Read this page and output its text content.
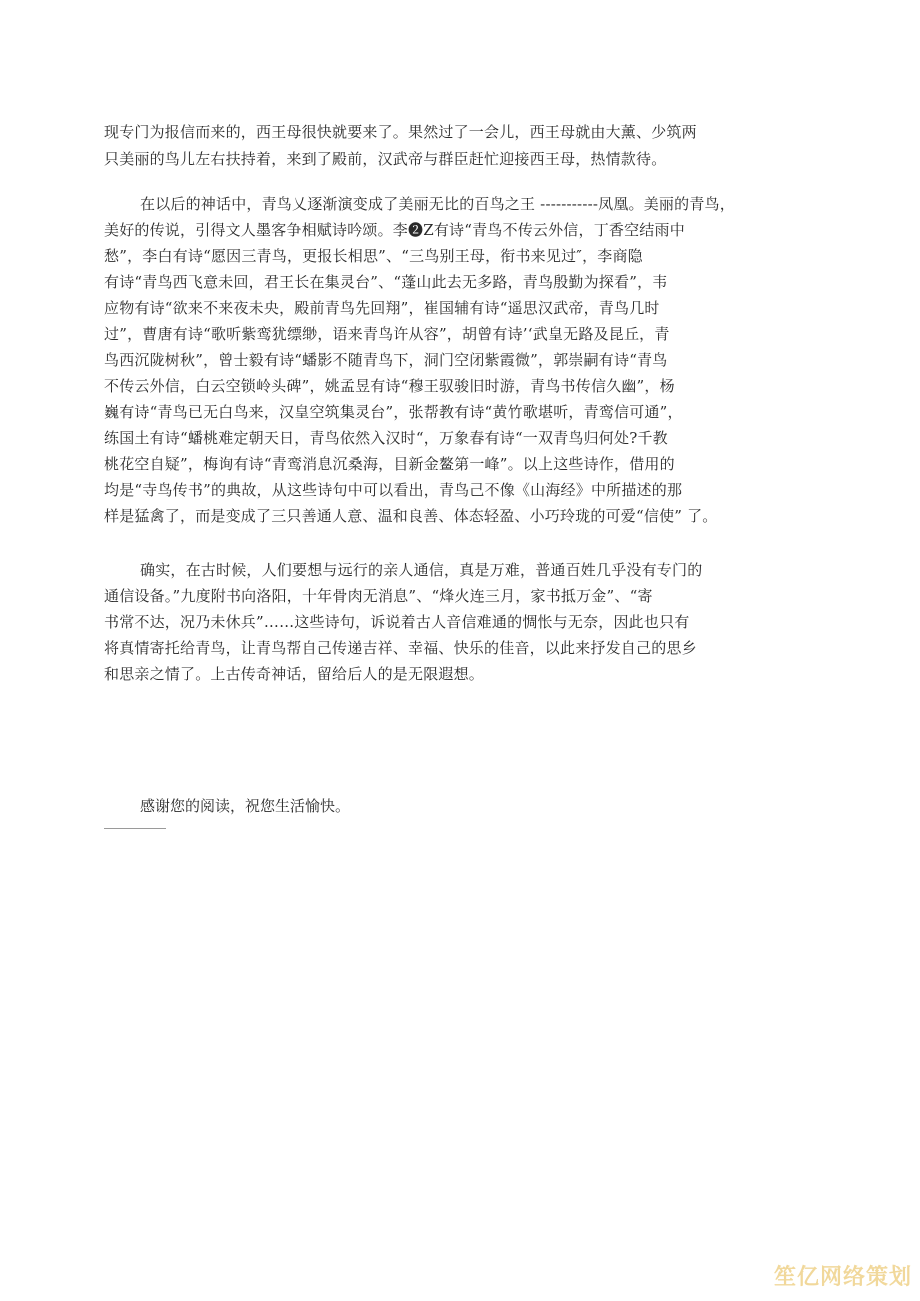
现专门为报信而来的，西王母很快就要来了。果然过了一会儿，西王母就由大薰、少筑两
只美丽的鸟儿左右扶持着，来到了殿前，汉武帝与群臣赶忙迎接西王母，热情款待。
在以后的神话中，青鸟乂逐渐演变成了美丽无比的百鸟之王 -----------凤凰。美丽的青鸟，
美好的传说，引得文人墨客争相赋诗吟颂。李❷Z有诗“青鸟不传云外信，丁香空结雨中
愁”，李白有诗“愿因三青鸟，更报长相思”、“三鸟别王母，衔书来见过″，李商隐
有诗“青鸟西飞意未回，君王长在集灵台”、“蓬山此去无多路，青鸟殷勤为探看”，韦
应物有诗“欲来不来夜未央，殿前青鸟先回翔”，崔国辅有诗“遥思汉武帝，青鸟几时
过”，曹唐有诗“歌听紫鸾犹缥缈，语来青鸟许从容”，胡曾有诗’‘武皇无路及昆丘，青
鸟西沉陇树秋”，曾士毅有诗“蟠影不随青鸟下，洞门空闭紫霞微”，郭崇嗣有诗“青鸟
不传云外信，白云空锁岭头碑”，姚孟昱有诗“穆王驭骏旧时游，青鸟书传信久幽”，杨
巍有诗“青鸟已无白鸟来，汉皇空筑集灵台”，张帮教有诗“黄竹歌堪听，青鸾信可通”，
练国土有诗“蟠桃难定朝天日，青鸟依然入汉时“，万象春有诗“一双青鸟归何处?千教
桃花空自疑”，梅询有诗“青鸾消息沉桑海，目新金鳌第一峰”。以上这些诗作，借用的
均是“寺鸟传书”的典故，从这些诗句中可以看出，青鸟己不像《山海经》中所描述的那
样是猛禽了，而是变成了三只善通人意、温和良善、体态轻盈、小巧玲珑的可爱“信使” 了。
确实，在古时候，人们要想与远行的亲人通信，真是万难，普通百姓几乎没有专门的
通信设备。”九度附书向洛阳，十年骨肉无消息”、“烽火连三月，家书抵万金”、“寄
书常不达，况乃未休兵”……这些诗句，诉说着古人音信难通的惆怅与无奈，因此也只有
将真情寄托给青鸟，让青鸟帮自己传递吉祥、幸福、快乐的佳音，以此来抒发自己的思乡
和思亲之情了。上古传奇神话，留给后人的是无限遐想。
感谢您的阅读，祝您生活愉快。
笙亿网络策划
